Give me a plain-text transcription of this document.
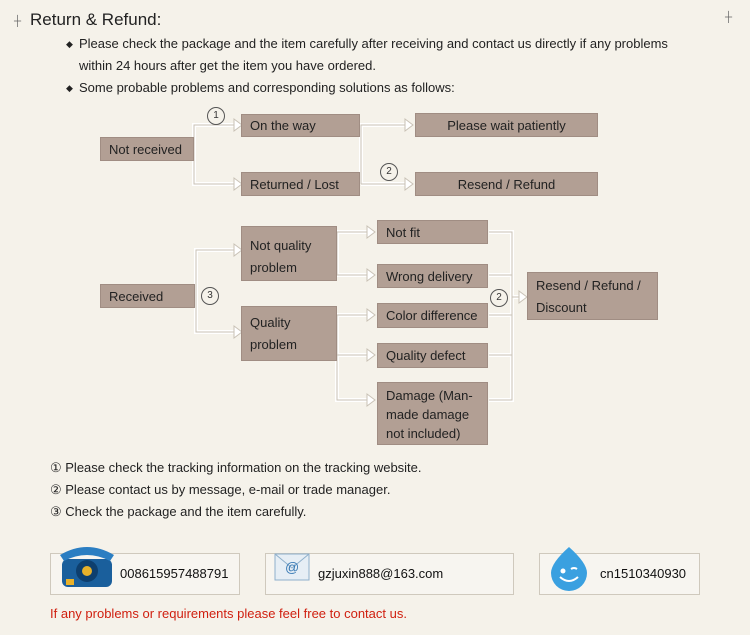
┼ Return & Refund:	┼
◆ Please check the package and the item carefully after receiving and contact us directly if any problems
within 24 hours after get the item you have ordered.
◆ Some probable problems and corresponding solutions as follows:
Not received
On the way
Returned / Lost
Please wait patiently
Resend / Refund
1
2
Received
Not quality problem
Quality problem
3
Not fit
Wrong delivery
Color difference
Quality defect
Damage (Man-made damage not included)
2
Resend / Refund / Discount
① Please check the tracking information on the tracking website.
② Please contact us by message, e-mail or trade manager.
③ Check the package and the item carefully.
008615957488791	@ gzjuxin888@163.com	cn1510340930
If any problems or requirements please feel free to contact us.
